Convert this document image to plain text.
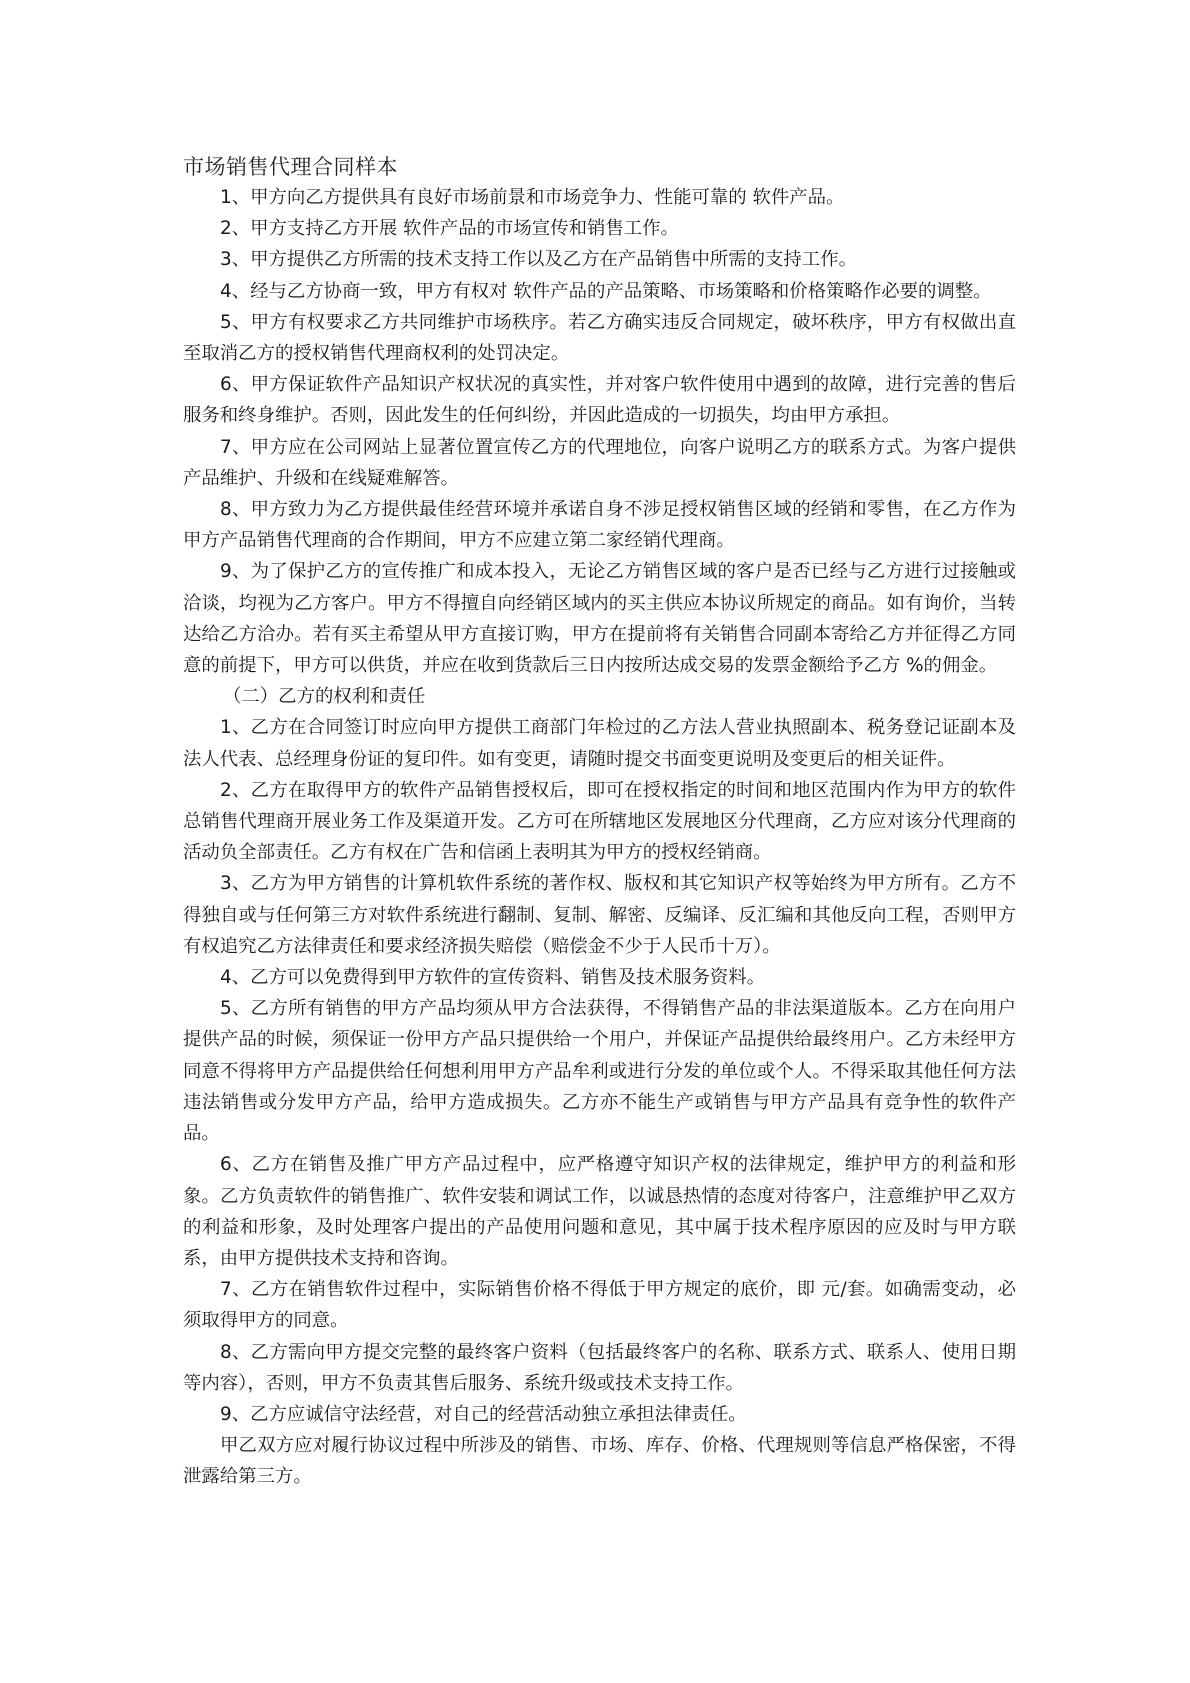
市场销售代理合同样本

1、甲方向乙方提供具有良好市场前景和市场竞争力、性能可靠的 软件产品。

2、甲方支持乙方开展 软件产品的市场宣传和销售工作。

3、甲方提供乙方所需的技术支持工作以及乙方在产品销售中所需的支持工作。

4、经与乙方协商一致，甲方有权对 软件产品的产品策略、市场策略和价格策略作必要的调整。

5、甲方有权要求乙方共同维护市场秩序。若乙方确实违反合同规定，破坏秩序，甲方有权做出直至取消乙方的授权销售代理商权利的处罚决定。

6、甲方保证软件产品知识产权状况的真实性，并对客户软件使用中遇到的故障，进行完善的售后服务和终身维护。否则，因此发生的任何纠纷，并因此造成的一切损失，均由甲方承担。

7、甲方应在公司网站上显著位置宣传乙方的代理地位，向客户说明乙方的联系方式。为客户提供产品维护、升级和在线疑难解答。

8、甲方致力为乙方提供最佳经营环境并承诺自身不涉足授权销售区域的经销和零售，在乙方作为甲方产品销售代理商的合作期间，甲方不应建立第二家经销代理商。

9、为了保护乙方的宣传推广和成本投入，无论乙方销售区域的客户是否已经与乙方进行过接触或洽谈，均视为乙方客户。甲方不得擅自向经销区域内的买主供应本协议所规定的商品。如有询价，当转达给乙方洽办。若有买主希望从甲方直接订购，甲方在提前将有关销售合同副本寄给乙方并征得乙方同意的前提下，甲方可以供货，并应在收到货款后三日内按所达成交易的发票金额给予乙方 %的佣金。

（二）乙方的权利和责任

1、乙方在合同签订时应向甲方提供工商部门年检过的乙方法人营业执照副本、税务登记证副本及法人代表、总经理身份证的复印件。如有变更，请随时提交书面变更说明及变更后的相关证件。

2、乙方在取得甲方的软件产品销售授权后，即可在授权指定的时间和地区范围内作为甲方的软件总销售代理商开展业务工作及渠道开发。乙方可在所辖地区发展地区分代理商，乙方应对该分代理商的活动负全部责任。乙方有权在广告和信函上表明其为甲方的授权经销商。

3、乙方为甲方销售的计算机软件系统的著作权、版权和其它知识产权等始终为甲方所有。乙方不得独自或与任何第三方对软件系统进行翻制、复制、解密、反编译、反汇编和其他反向工程，否则甲方有权追究乙方法律责任和要求经济损失赔偿（赔偿金不少于人民币十万）。

4、乙方可以免费得到甲方软件的宣传资料、销售及技术服务资料。

5、乙方所有销售的甲方产品均须从甲方合法获得，不得销售产品的非法渠道版本。乙方在向用户提供产品的时候，须保证一份甲方产品只提供给一个用户，并保证产品提供给最终用户。乙方未经甲方同意不得将甲方产品提供给任何想利用甲方产品牟利或进行分发的单位或个人。不得采取其他任何方法违法销售或分发甲方产品，给甲方造成损失。乙方亦不能生产或销售与甲方产品具有竞争性的软件产品。

6、乙方在销售及推广甲方产品过程中，应严格遵守知识产权的法律规定，维护甲方的利益和形象。乙方负责软件的销售推广、软件安装和调试工作，以诚恳热情的态度对待客户，注意维护甲乙双方的利益和形象，及时处理客户提出的产品使用问题和意见，其中属于技术程序原因的应及时与甲方联系，由甲方提供技术支持和咨询。

7、乙方在销售软件过程中，实际销售价格不得低于甲方规定的底价，即 元/套。如确需变动，必须取得甲方的同意。

8、乙方需向甲方提交完整的最终客户资料（包括最终客户的名称、联系方式、联系人、使用日期等内容），否则，甲方不负责其售后服务、系统升级或技术支持工作。

9、乙方应诚信守法经营，对自己的经营活动独立承担法律责任。

甲乙双方应对履行协议过程中所涉及的销售、市场、库存、价格、代理规则等信息严格保密，不得泄露给第三方。
